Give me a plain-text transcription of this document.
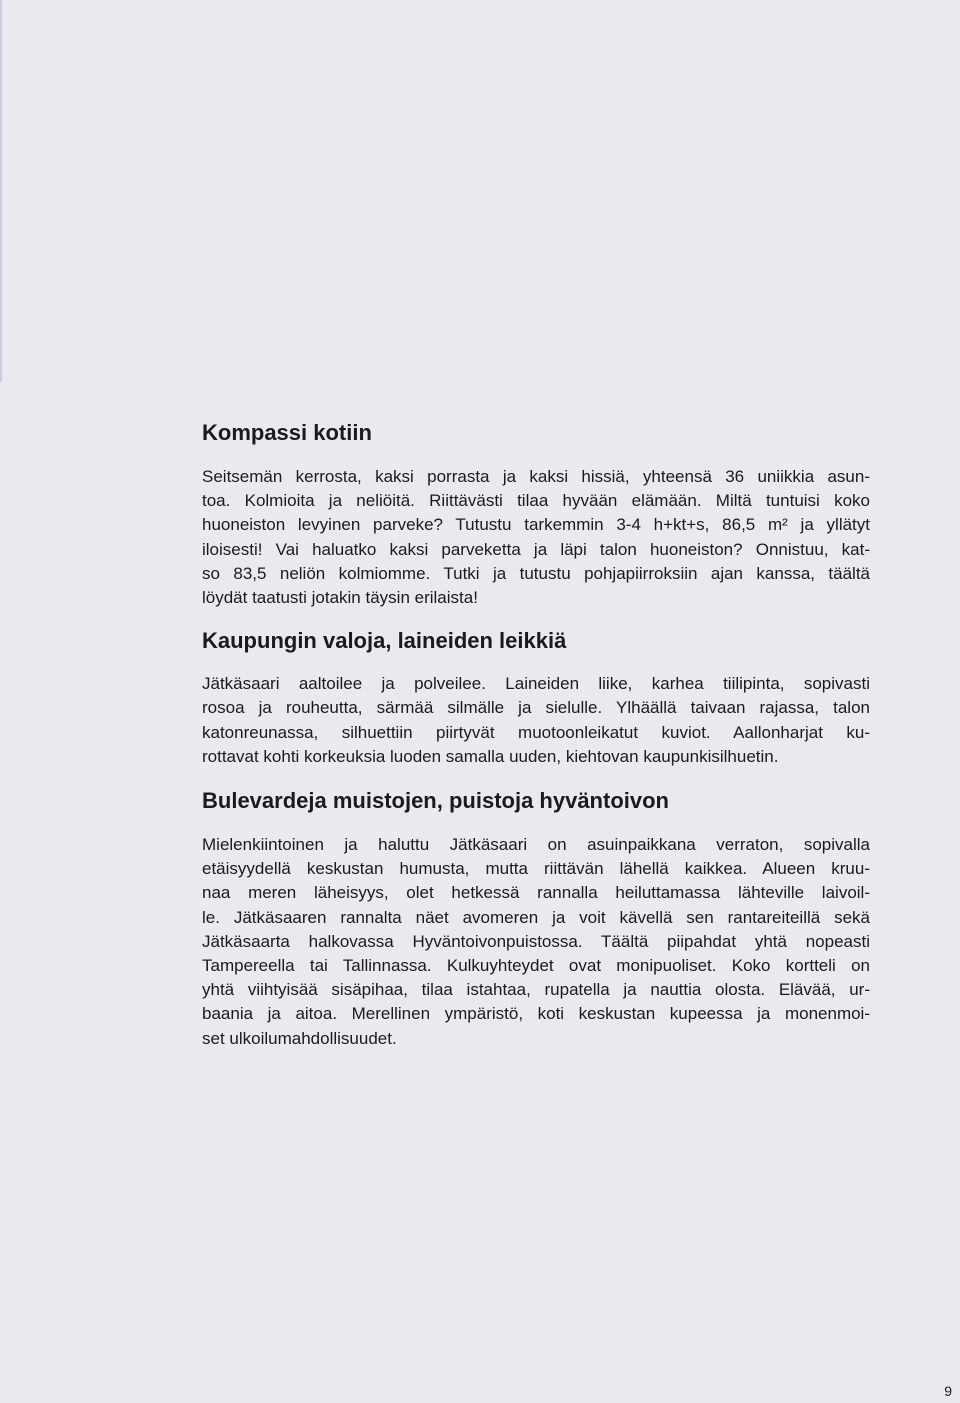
Kompassi kotiin

Seitsemän kerrosta, kaksi porrasta ja kaksi hissiä, yhteensä 36 uniikkia asun-
toa. Kolmioita ja neliöitä. Riittävästi tilaa hyvään elämään. Miltä tuntuisi koko
huoneiston levyinen parveke? Tutustu tarkemmin 3-4 h+kt+s, 86,5 m² ja yllätyt
iloisesti! Vai haluatko kaksi parveketta ja läpi talon huoneiston? Onnistuu, kat-
so 83,5 neliön kolmiomme. Tutki ja tutustu pohjapiirroksiin ajan kanssa, täältä
löydät taatusti jotakin täysin erilaista!

Kaupungin valoja, laineiden leikkiä

Jätkäsaari aaltoilee ja polveilee. Laineiden liike, karhea tiilipinta, sopivasti
rosoa ja rouheutta, särmää silmälle ja sielulle. Ylhäällä taivaan rajassa, talon
katonreunassa, silhuettiin piirtyvät muotoonleikatut kuviot. Aallonharjat ku-
rottavat kohti korkeuksia luoden samalla uuden, kiehtovan kaupunkisilhuetin.

Bulevardeja muistojen, puistoja hyväntoivon

Mielenkiintoinen ja haluttu Jätkäsaari on asuinpaikkana verraton, sopivalla
etäisyydellä keskustan humusta, mutta riittävän lähellä kaikkea. Alueen kruu-
naa meren läheisyys, olet hetkessä rannalla heiluttamassa lähteville laivoil-
le. Jätkäsaaren rannalta näet avomeren ja voit kävellä sen rantareiteillä sekä
Jätkäsaarta halkovassa Hyväntoivonpuistossa. Täältä piipahdat yhtä nopeasti
Tampereella tai Tallinnassa. Kulkuyhteydet ovat monipuoliset. Koko kortteli on
yhtä viihtyisää sisäpihaa, tilaa istahtaa, rupatella ja nauttia olosta. Elävää, ur-
baania ja aitoa. Merellinen ympäristö, koti keskustan kupeessa ja monenmoi-
set ulkoilumahdollisuudet.

9
